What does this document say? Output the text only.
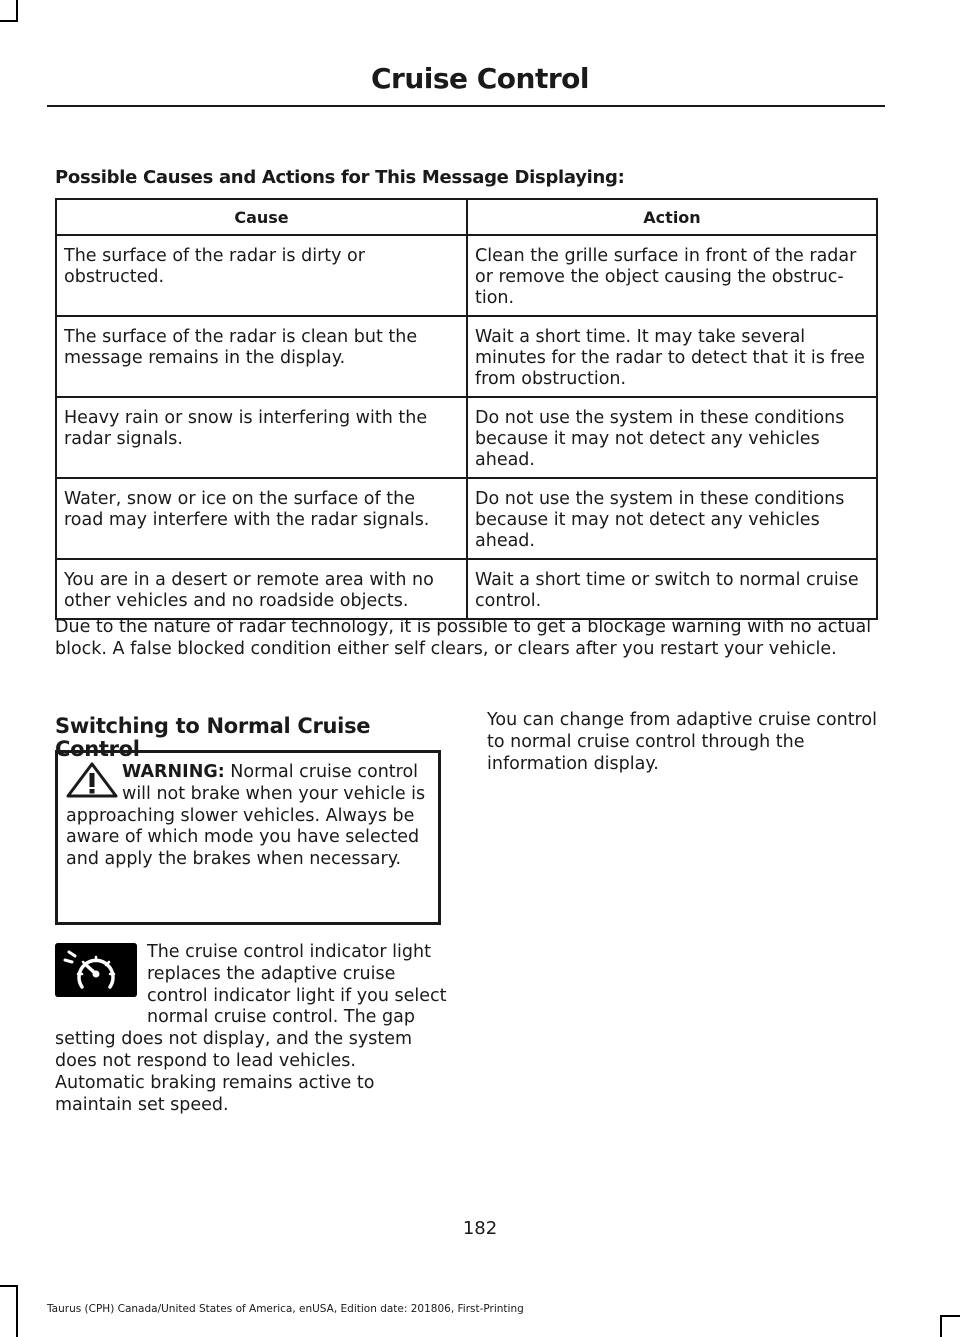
Cruise Control
Possible Causes and Actions for This Message Displaying:
Cause	Action
The surface of the radar is dirty or obstructed.	Clean the grille surface in front of the radar or remove the object causing the obstruc-tion.
The surface of the radar is clean but the message remains in the display.	Wait a short time. It may take several minutes for the radar to detect that it is free from obstruction.
Heavy rain or snow is interfering with the radar signals.	Do not use the system in these conditions because it may not detect any vehicles ahead.
Water, snow or ice on the surface of the road may interfere with the radar signals.	Do not use the system in these conditions because it may not detect any vehicles ahead.
You are in a desert or remote area with no other vehicles and no roadside objects.	Wait a short time or switch to normal cruise control.
Due to the nature of radar technology, it is possible to get a blockage warning with no actual block. A false blocked condition either self clears, or clears after you restart your vehicle.
Switching to Normal Cruise Control
WARNING: Normal cruise control will not brake when your vehicle is approaching slower vehicles. Always be aware of which mode you have selected and apply the brakes when necessary.
The cruise control indicator light replaces the adaptive cruise control indicator light if you select normal cruise control. The gap setting does not display, and the system does not respond to lead vehicles. Automatic braking remains active to maintain set speed.
You can change from adaptive cruise control to normal cruise control through the information display.
182
Taurus (CPH) Canada/United States of America, enUSA, Edition date: 201806, First-Printing
